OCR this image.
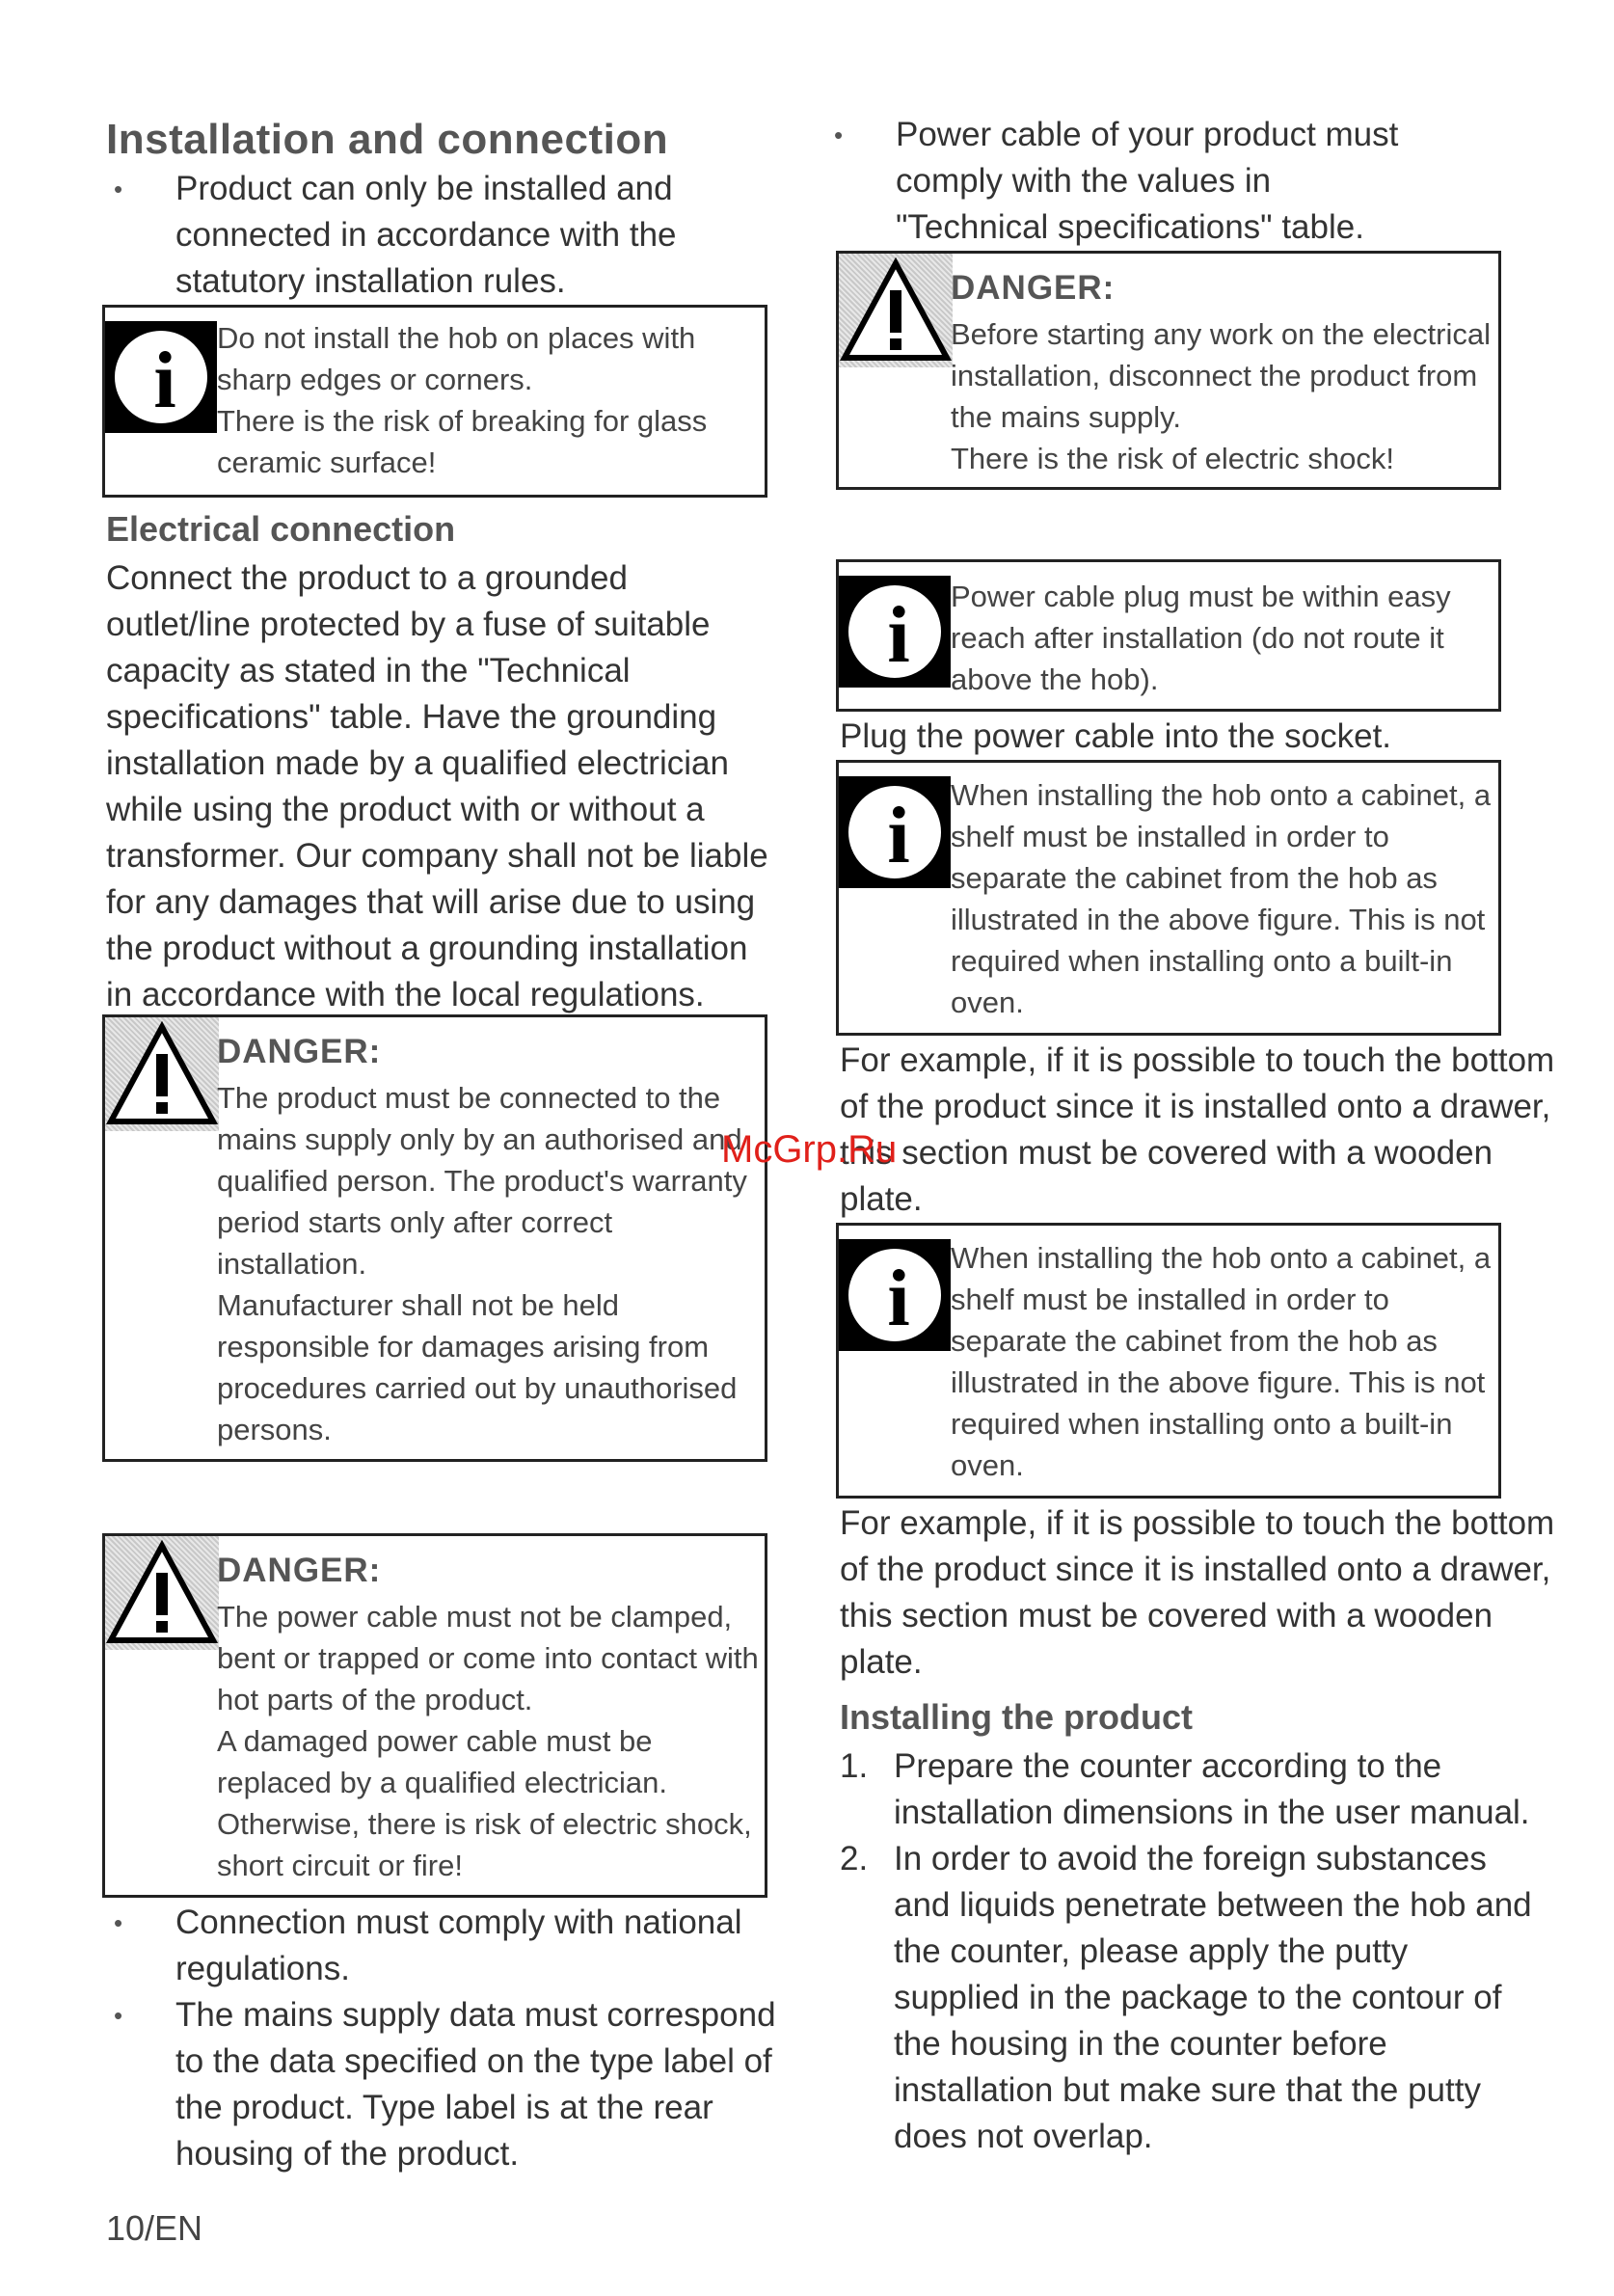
Installation and connection
• Product can only be installed and connected in accordance with the statutory installation rules.
i	Do not install the hob on places with sharp edges or corners.
There is the risk of breaking for glass ceramic surface!
Electrical connection
Connect the product to a grounded outlet/line protected by a fuse of suitable capacity as stated in the "Technical specifications" table. Have the grounding installation made by a qualified electrician while using the product with or without a transformer. Our company shall not be liable for any damages that will arise due to using the product without a grounding installation in accordance with the local regulations.
DANGER:
The product must be connected to the mains supply only by an authorised and qualified person. The product's warranty period starts only after correct installation.
Manufacturer shall not be held responsible for damages arising from procedures carried out by unauthorised persons.
DANGER:
The power cable must not be clamped, bent or trapped or come into contact with hot parts of the product.
A damaged power cable must be replaced by a qualified electrician. Otherwise, there is risk of electric shock, short circuit or fire!
• Connection must comply with national regulations.
• The mains supply data must correspond to the data specified on the type label of the product. Type label is at the rear housing of the product.
10/EN
• Power cable of your product must comply with the values in "Technical specifications" table.
DANGER:
Before starting any work on the electrical installation, disconnect the product from the mains supply.
There is the risk of electric shock!
i	Power cable plug must be within easy reach after installation (do not route it above the hob).
Plug the power cable into the socket.
i	When installing the hob onto a cabinet, a shelf must be installed in order to separate the cabinet from the hob as illustrated in the above figure. This is not required when installing onto a built-in oven.
For example, if it is possible to touch the bottom of the product since it is installed onto a drawer, this section must be covered with a wooden plate.
i	When installing the hob onto a cabinet, a shelf must be installed in order to separate the cabinet from the hob as illustrated in the above figure. This is not required when installing onto a built-in oven.
For example, if it is possible to touch the bottom of the product since it is installed onto a drawer, this section must be covered with a wooden plate.
Installing the product
1. Prepare the counter according to the installation dimensions in the user manual.
2. In order to avoid the foreign substances and liquids penetrate between the hob and the counter, please apply the putty supplied in the package to the contour of the housing in the counter before installation but make sure that the putty does not overlap.
McGrp.Ru
